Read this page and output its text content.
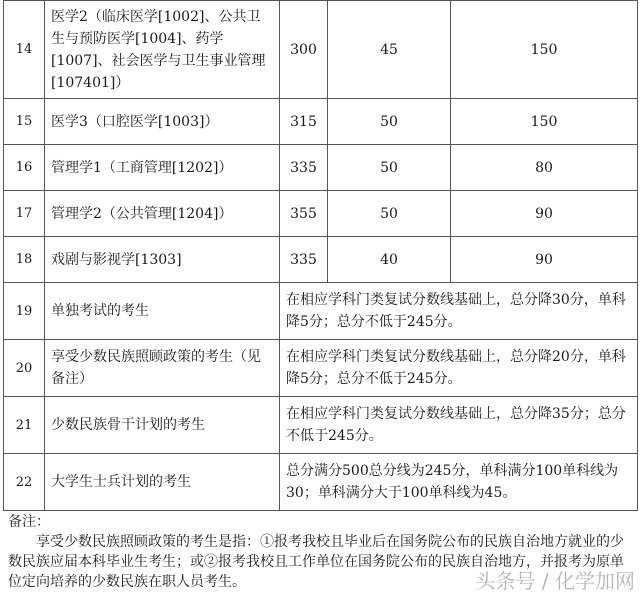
14	医学2（临床医学[1002]、公共卫生与预防医学[1004]、药学[1007]、社会医学与卫生事业管理[107401]）	300	45	150
15	医学3（口腔医学[1003]）	315	50	150
16	管理学1（工商管理[1202]）	335	50	80
17	管理学2（公共管理[1204]）	355	50	90
18	戏剧与影视学[1303]	335	40	90
19	单独考试的考生	在相应学科门类复试分数线基础上，总分降30分，单科降5分；总分不低于245分。		
20	享受少数民族照顾政策的考生（见备注）	在相应学科门类复试分数线基础上，总分降20分，单科降5分；总分不低于245分。		
21	少数民族骨干计划的考生	在相应学科门类复试分数线基础上，总分降35分；总分不低于245分。		
22	大学生士兵计划的考生	总分满分500总分线为245分，单科满分100单科线为30；单科满分大于100单科线为45。		

备注：

享受少数民族照顾政策的考生是指：①报考我校且毕业后在国务院公布的民族自治地方就业的少数民族应届本科毕业生考生；或②报考我校且工作单位在国务院公布的民族自治地方，并报考为原单位定向培养的少数民族在职人员考生。	头条号 / 化学加网
